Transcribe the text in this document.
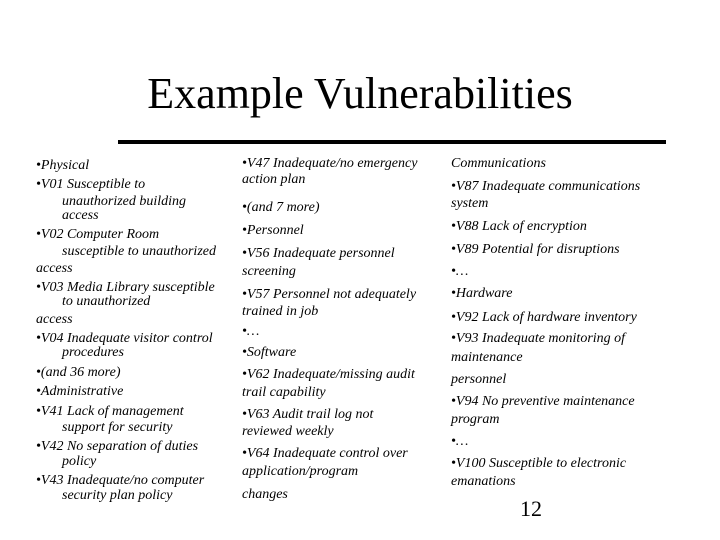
Example Vulnerabilities
•Physical
•V01 Susceptible to
unauthorized building
access
•V02 Computer Room
susceptible to unauthorized
access
•V03 Media Library susceptible
to unauthorized
access
•V04 Inadequate visitor control
procedures
•(and 36 more)
•Administrative
•V41 Lack of management
support for security
•V42 No separation of duties
policy
•V43 Inadequate/no computer
security plan policy
•V47 Inadequate/no emergency
action plan
•(and 7 more)
•Personnel
•V56 Inadequate personnel
screening
•V57 Personnel not adequately
trained in job
•…
•Software
•V62 Inadequate/missing audit
trail capability
•V63 Audit trail log not
reviewed weekly
•V64 Inadequate control over
application/program
changes
Communications
•V87 Inadequate communications
system
•V88 Lack of encryption
•V89 Potential for disruptions
•…
•Hardware
•V92 Lack of hardware inventory
•V93 Inadequate monitoring of
maintenance
personnel
•V94 No preventive maintenance
program
•…
•V100 Susceptible to electronic
emanations
12
